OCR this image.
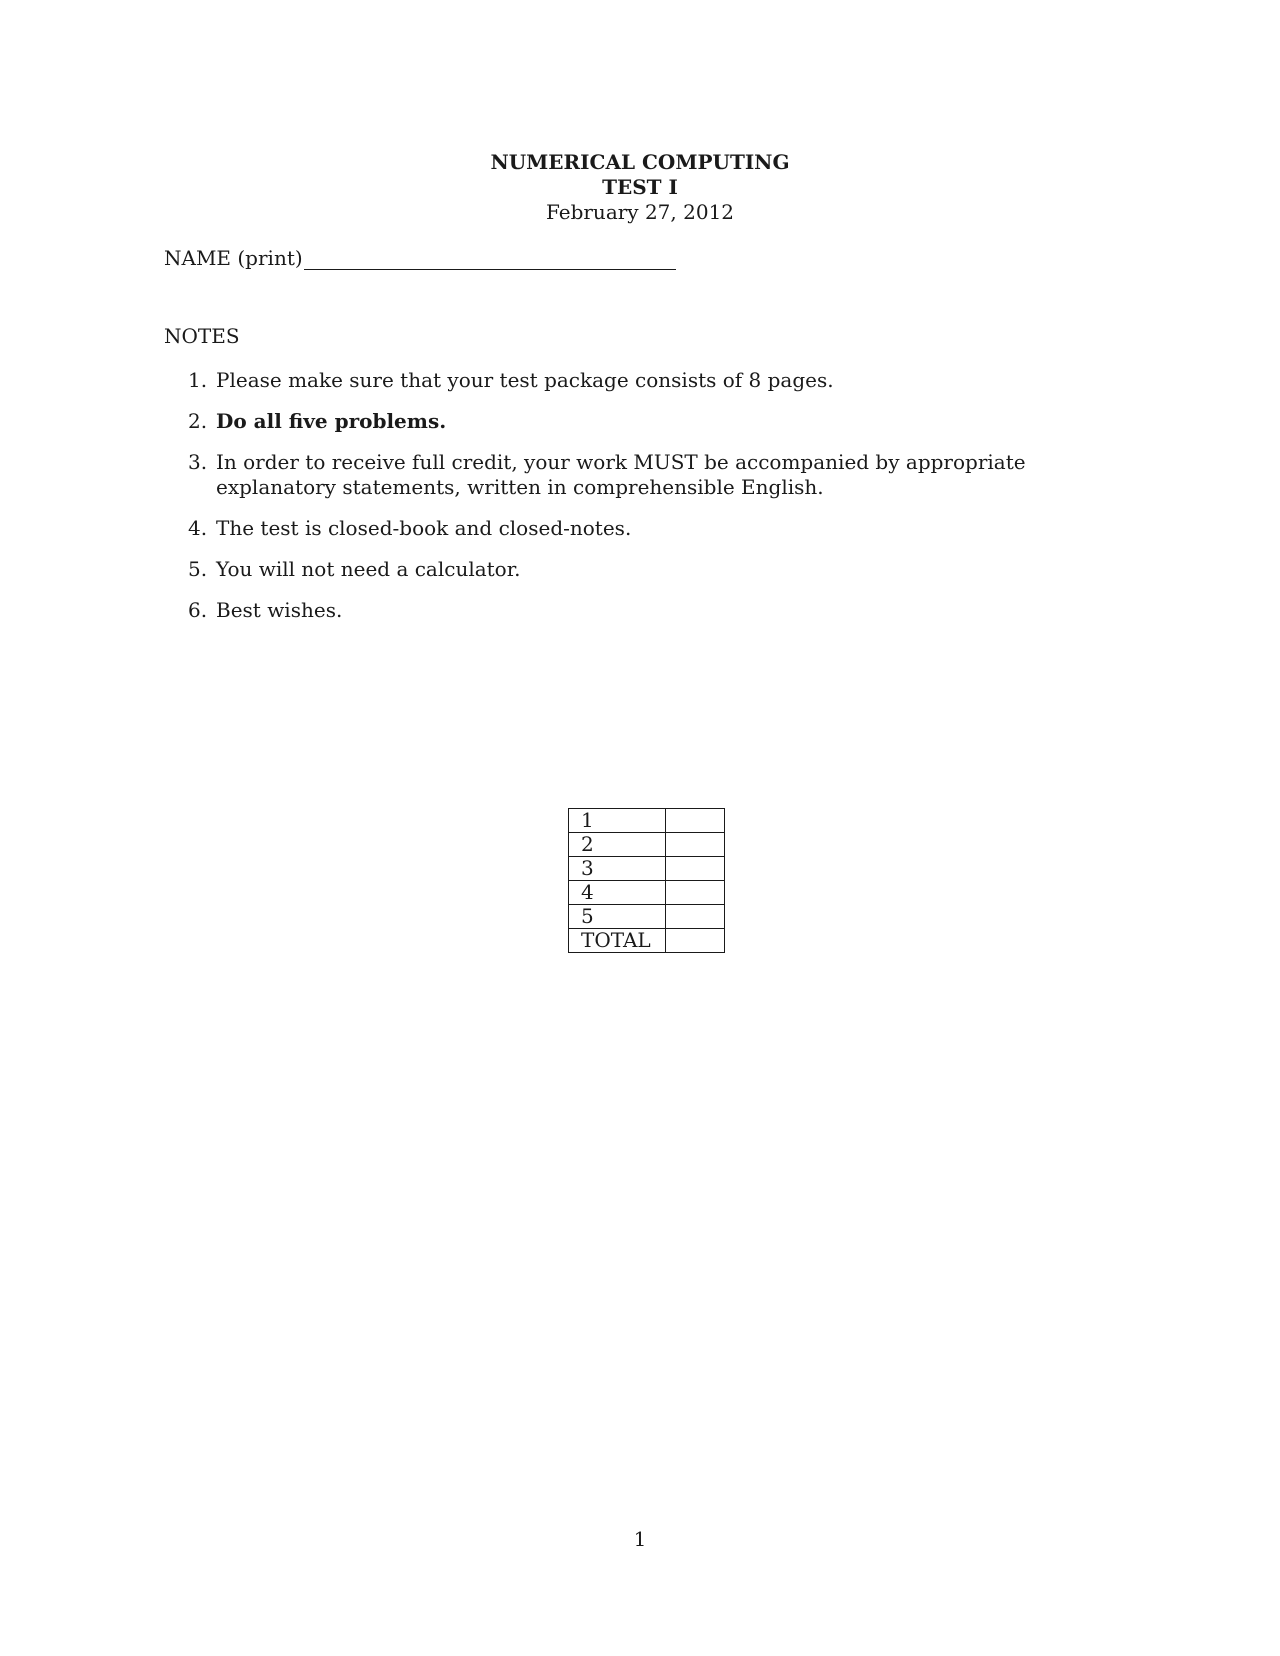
NUMERICAL COMPUTING
TEST I
February 27, 2012
NAME (print)
NOTES
1. Please make sure that your test package consists of 8 pages.
2. Do all five problems.
3. In order to receive full credit, your work MUST be accompanied by appropriate explanatory statements, written in comprehensible English.
4. The test is closed-book and closed-notes.
5. You will not need a calculator.
6. Best wishes.
1	
2	
3	
4	
5	
TOTAL	
1
